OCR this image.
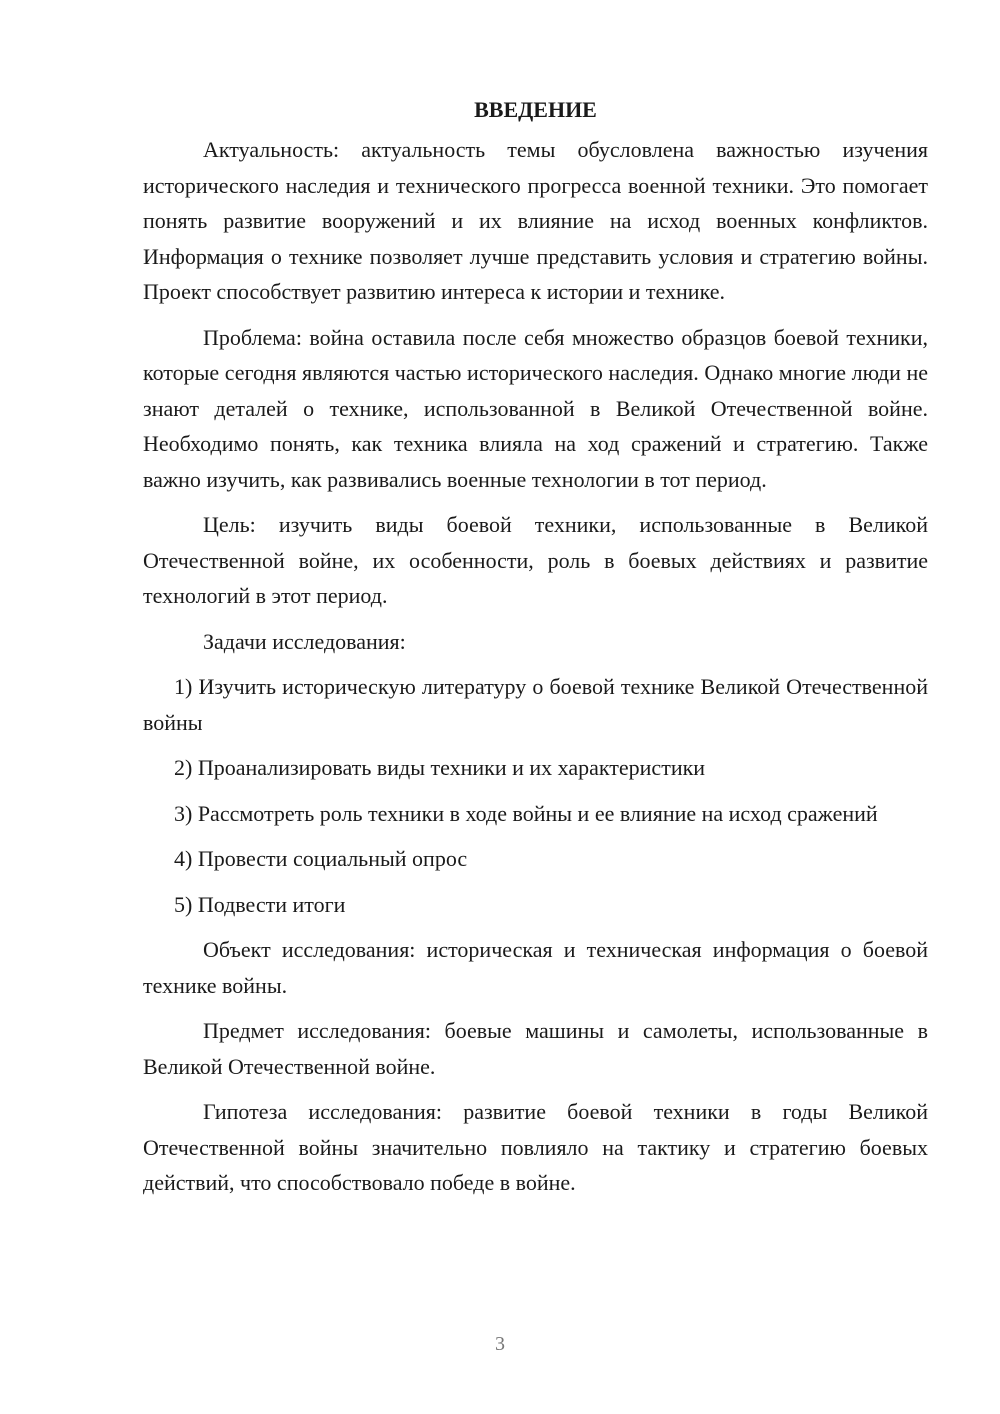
ВВЕДЕНИЕ

Актуальность: актуальность темы обусловлена важностью изучения исторического наследия и технического прогресса военной техники. Это помогает понять развитие вооружений и их влияние на исход военных конфликтов. Информация о технике позволяет лучше представить условия и стратегию войны. Проект способствует развитию интереса к истории и технике.

Проблема: война оставила после себя множество образцов боевой техники, которые сегодня являются частью исторического наследия. Однако многие люди не знают деталей о технике, использованной в Великой Отечественной войне. Необходимо понять, как техника влияла на ход сражений и стратегию. Также важно изучить, как развивались военные технологии в тот период.

Цель: изучить виды боевой техники, использованные в Великой Отечественной войне, их особенности, роль в боевых действиях и развитие технологий в этот период.

Задачи исследования:

1) Изучить историческую литературу о боевой технике Великой Отечественной войны

2) Проанализировать виды техники и их характеристики

3) Рассмотреть роль техники в ходе войны и ее влияние на исход сражений

4) Провести социальный опрос

5) Подвести итоги

Объект исследования: историческая и техническая информация о боевой технике войны.

Предмет исследования: боевые машины и самолеты, использованные в Великой Отечественной войне.

Гипотеза исследования: развитие боевой техники в годы Великой Отечественной войны значительно повлияло на тактику и стратегию боевых действий, что способствовало победе в войне.

3
